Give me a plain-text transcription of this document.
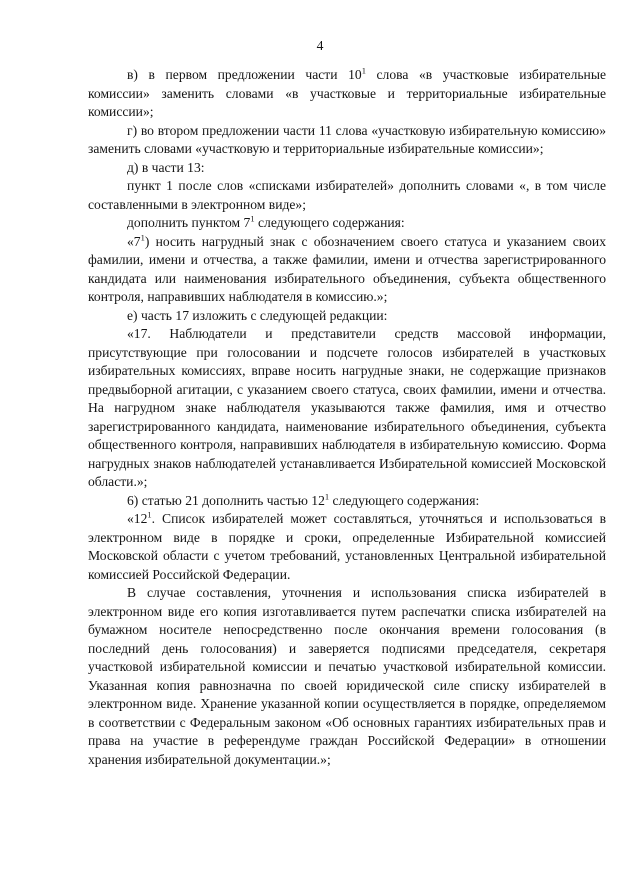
4

в) в первом предложении части $10^1$ слова «в участковые избирательные комиссии» заменить словами «в участковые и территориальные избирательные комиссии»;

г) во втором предложении части 11 слова «участковую избирательную комиссию» заменить словами «участковую и территориальные избирательные комиссии»;

д) в части 13:

пункт 1 после слов «списками избирателей» дополнить словами «, в том числе составленными в электронном виде»;

дополнить пунктом $7^1$ следующего содержания:

«$7^1$) носить нагрудный знак с обозначением своего статуса и указанием своих фамилии, имени и отчества, а также фамилии, имени и отчества зарегистрированного кандидата или наименования избирательного объединения, субъекта общественного контроля, направивших наблюдателя в комиссию.»;

е) часть 17 изложить с следующей редакции:

«17. Наблюдатели и представители средств массовой информации, присутствующие при голосовании и подсчете голосов избирателей в участковых избирательных комиссиях, вправе носить нагрудные знаки, не содержащие признаков предвыборной агитации, с указанием своего статуса, своих фамилии, имени и отчества. На нагрудном знаке наблюдателя указываются также фамилия, имя и отчество зарегистрированного кандидата, наименование избирательного объединения, субъекта общественного контроля, направивших наблюдателя в избирательную комиссию. Форма нагрудных знаков наблюдателей устанавливается Избирательной комиссией Московской области.»;

6) статью 21 дополнить частью $12^1$ следующего содержания:

«$12^1$. Список избирателей может составляться, уточняться и использоваться в электронном виде в порядке и сроки, определенные Избирательной комиссией Московской области с учетом требований, установленных Центральной избирательной комиссией Российской Федерации.

В случае составления, уточнения и использования списка избирателей в электронном виде его копия изготавливается путем распечатки списка избирателей на бумажном носителе непосредственно после окончания времени голосования (в последний день голосования) и заверяется подписями председателя, секретаря участковой избирательной комиссии и печатью участковой избирательной комиссии. Указанная копия равнозначна по своей юридической силе списку избирателей в электронном виде. Хранение указанной копии осуществляется в порядке, определяемом в соответствии с Федеральным законом «Об основных гарантиях избирательных прав и права на участие в референдуме граждан Российской Федерации» в отношении хранения избирательной документации.»;
